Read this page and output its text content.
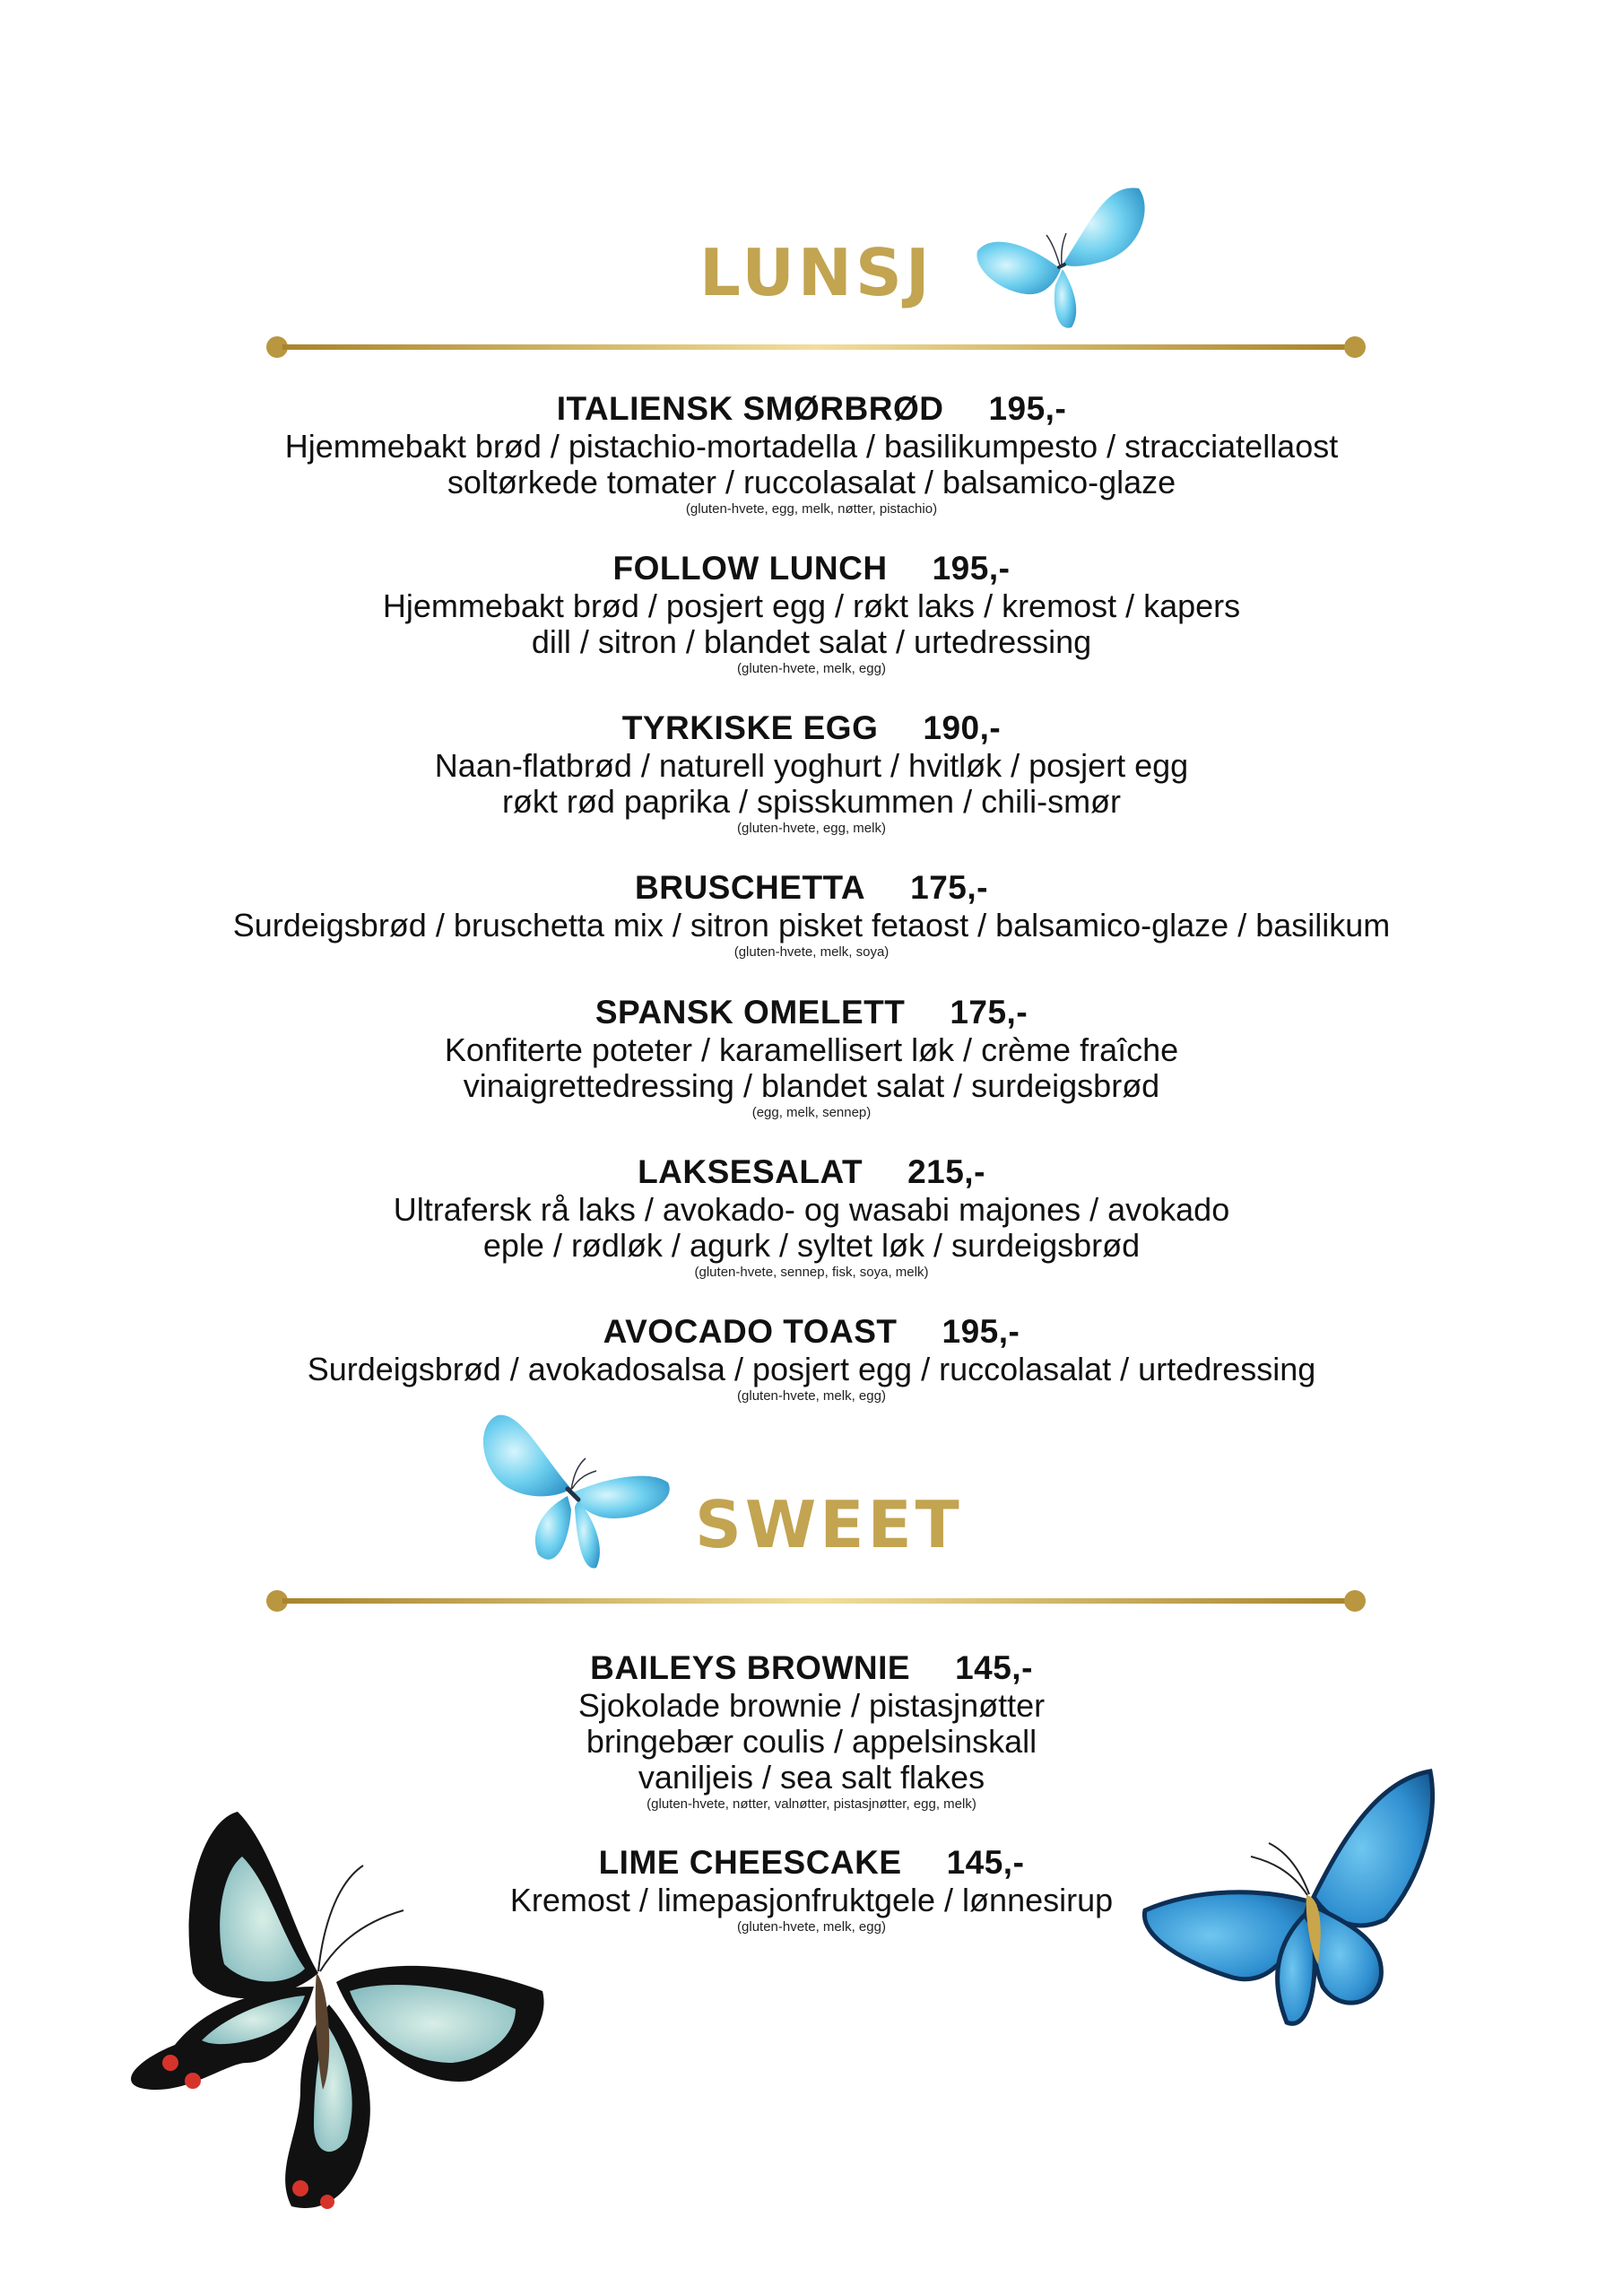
LUNSJ
ITALIENSK SMØRBRØD 195,-
Hjemmebakt brød / pistachio-mortadella / basilikumpesto / stracciatellaost
soltørkede tomater / ruccolasalat / balsamico-glaze
(gluten-hvete, egg, melk, nøtter, pistachio)
FOLLOW LUNCH 195,-
Hjemmebakt brød / posjert egg / røkt laks / kremost / kapers
dill / sitron / blandet salat / urtedressing
(gluten-hvete, melk, egg)
TYRKISKE EGG 190,-
Naan-flatbrød / naturell yoghurt / hvitløk / posjert egg
røkt rød paprika / spisskummen / chili-smør
(gluten-hvete, egg, melk)
BRUSCHETTA 175,-
Surdeigsbrød / bruschetta mix / sitron pisket fetaost / balsamico-glaze / basilikum
(gluten-hvete, melk, soya)
SPANSK OMELETT 175,-
Konfiterte poteter / karamellisert løk / crème fraîche
vinaigrettedressing / blandet salat / surdeigsbrød
(egg, melk, sennep)
LAKSESALAT 215,-
Ultrafersk rå laks / avokado- og wasabi majones / avokado
eple / rødløk / agurk / syltet løk / surdeigsbrød
(gluten-hvete, sennep, fisk, soya, melk)
AVOCADO TOAST 195,-
Surdeigsbrød / avokadosalsa / posjert egg / ruccolasalat / urtedressing
(gluten-hvete, melk, egg)
SWEET
BAILEYS BROWNIE 145,-
Sjokolade brownie / pistasjnøtter
bringebær coulis / appelsinskall
vaniljeis / sea salt flakes
(gluten-hvete, nøtter, valnøtter, pistasjnøtter, egg, melk)
LIME CHEESCAKE 145,-
Kremost / limepasjonfruktgele / lønnesirup
(gluten-hvete, melk, egg)
